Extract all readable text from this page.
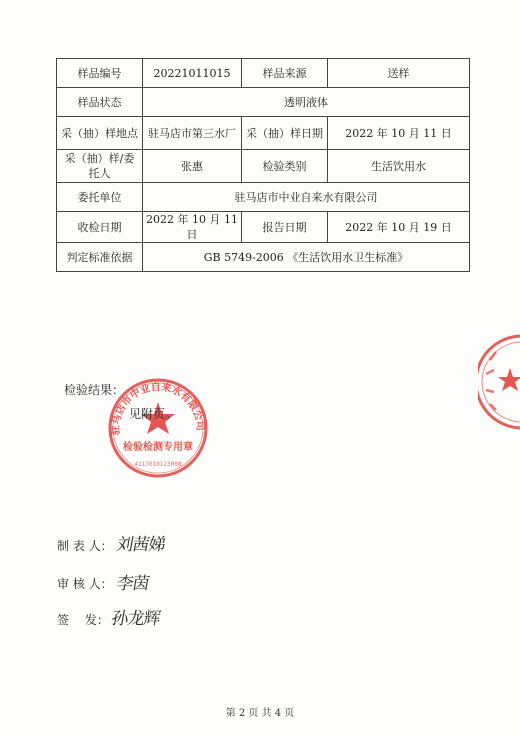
样品编号	20221011015	样品来源	送样
样品状态	透明液体		
采（抽）样地点	驻马店市第三水厂	采（抽）样日期	2022 年 10 月 11 日
采（抽）样/委托人	张惠	检验类别	生活饮用水
委托单位	驻马店市中业自来水有限公司		
收检日期	2022 年 10 月 11 日	报告日期	2022 年 10 月 19 日
判定标准依据	GB 5749-2006 《生活饮用水卫生标准》		
驻马店市中业自来水有限公司
检验检测专用章
4117010123008
检验结果：
见附页。
制 表 人： 刘茜娣
审 核 人： 李茵
签　 发： 孙龙辉
第 2 页 共 4 页
